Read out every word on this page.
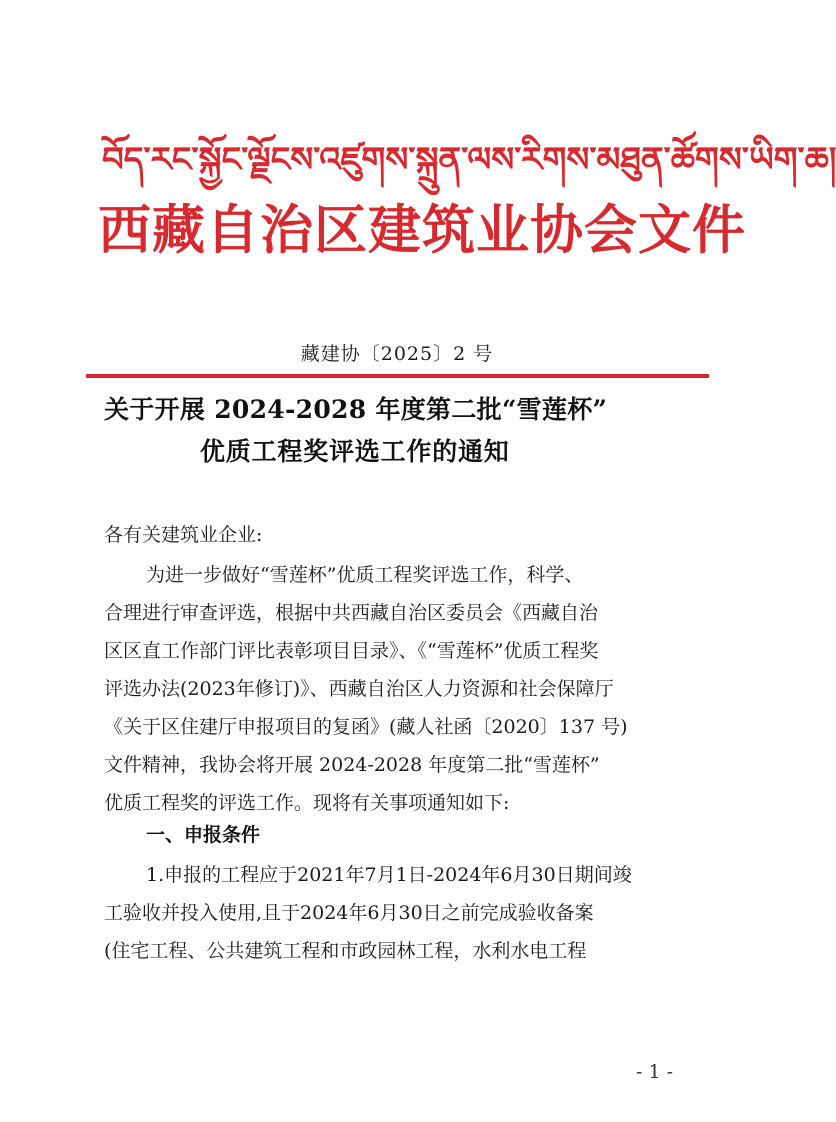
བོད་རང་སྐྱོང་ལྗོངས་འཛུགས་སྐྲུན་ལས་རིགས་མཐུན་ཚོགས་ཡིག་ཆ།
西藏自治区建筑业协会文件
藏建协〔2025〕2 号
关于开展 2024-2028 年度第二批“雪莲杯”
优质工程奖评选工作的通知
各有关建筑业企业:
为进一步做好“雪莲杯”优质工程奖评选工作，科学、
合理进行审查评选，根据中共西藏自治区委员会《西藏自治
区区直工作部门评比表彰项目目录》、《“雪莲杯”优质工程奖
评选办法(2023年修订)》、西藏自治区人力资源和社会保障厅
《关于区住建厅申报项目的复函》(藏人社函〔2020〕137 号)
文件精神，我协会将开展 2024-2028 年度第二批“雪莲杯”
优质工程奖的评选工作。现将有关事项通知如下:
一、申报条件
1.申报的工程应于2021年7月1日-2024年6月30日期间竣
工验收并投入使用,且于2024年6月30日之前完成验收备案
(住宅工程、公共建筑工程和市政园林工程，水利水电工程
- 1 -
